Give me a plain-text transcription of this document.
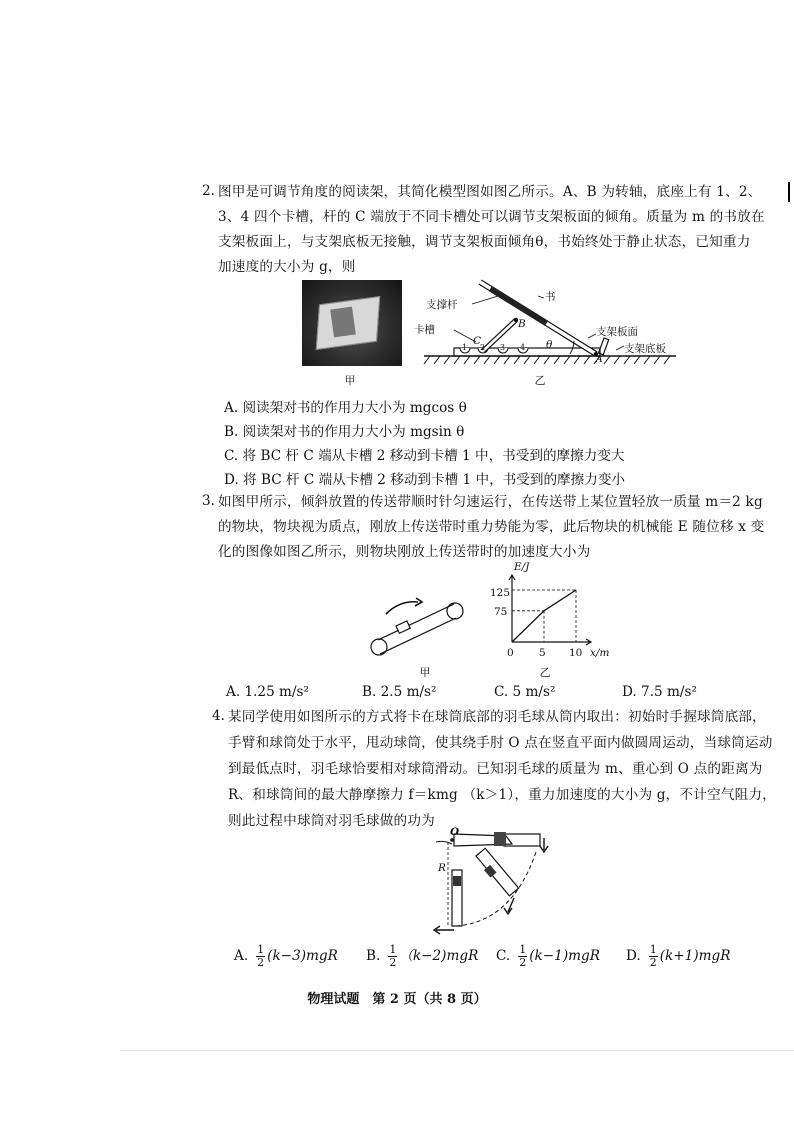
2. 图甲是可调节角度的阅读架，其简化模型图如图乙所示。A、B 为转轴，底座上有 1、2、
3、4 四个卡槽，杆的 C 端放于不同卡槽处可以调节支架板面的倾角。质量为 m 的书放在
支架板面上，与支架底板无接触，调节支架板面倾角θ，书始终处于静止状态，已知重力
加速度的大小为 g，则
甲
书
支撑杆
卡槽	支架板面
支架底板
B
C
A
θ
1 2 3 4
乙
A. 阅读架对书的作用力大小为 mgcos θ
B. 阅读架对书的作用力大小为 mgsin θ
C. 将 BC 杆 C 端从卡槽 2 移动到卡槽 1 中，书受到的摩擦力变大
D. 将 BC 杆 C 端从卡槽 2 移动到卡槽 1 中，书受到的摩擦力变小
3. 如图甲所示，倾斜放置的传送带顺时针匀速运行，在传送带上某位置轻放一质量 m＝2 kg
的物块，物块视为质点，刚放上传送带时重力势能为零，此后物块的机械能 E 随位移 x 变
化的图像如图乙所示，则物块刚放上传送带时的加速度大小为
甲
E/J
x/m
0 5 10
75
125
乙
A. 1.25 m/s²	B. 2.5 m/s²	C. 5 m/s²	D. 7.5 m/s²
4. 某同学使用如图所示的方式将卡在球筒底部的羽毛球从筒内取出：初始时手握球筒底部，
手臂和球筒处于水平，甩动球筒，使其绕手肘 O 点在竖直平面内做圆周运动，当球筒运动
到最低点时，羽毛球恰要相对球筒滑动。已知羽毛球的质量为 m、重心到 O 点的距离为
R、和球筒间的最大静摩擦力 f＝kmg （k＞1），重力加速度的大小为 g，不计空气阻力，
则此过程中球筒对羽毛球做的功为
O
R
A. $\frac{1}{2} (k-3)mgR$ B. $\frac{1}{2} (k-2)mgR$ C. $\frac{1}{2} (k-1)mgR$ D. $\frac{1}{2} (k+1)mgR$
物理试题　第 2 页（共 8 页）
